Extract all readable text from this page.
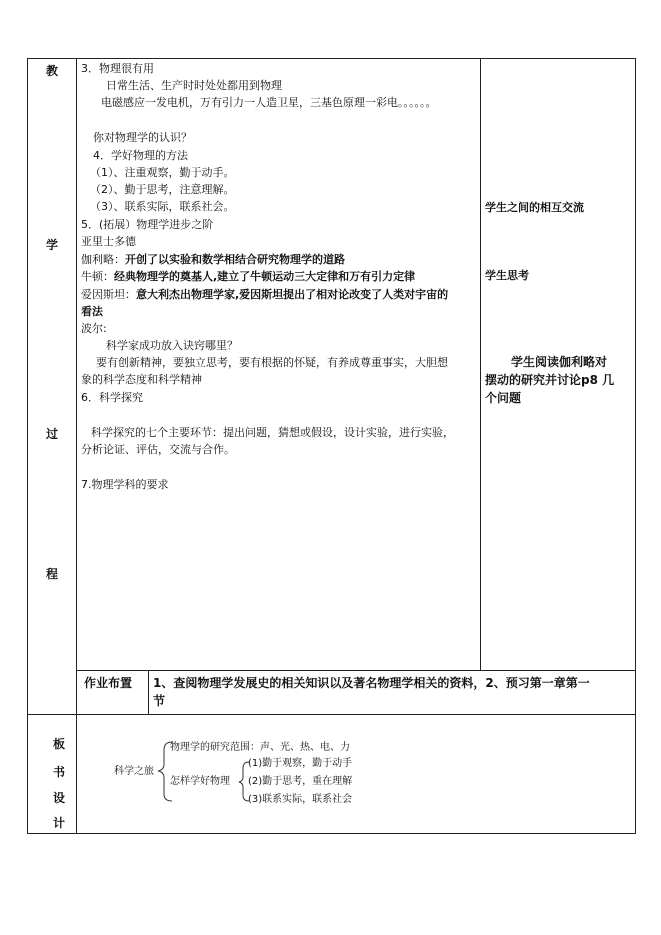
教
学
过
程
板
书
设
计
3．物理很有用
日常生活、生产时时处处都用到物理
电磁感应一发电机，万有引力一人造卫星，三基色原理一彩电。。。。。。
你对物理学的认识？
4．学好物理的方法
（1）、注重观察，勤于动手。
（2）、勤于思考，注意理解。
（3）、联系实际，联系社会。
5．(拓展）物理学进步之阶
亚里士多德
伽利略：开创了以实验和数学相结合研究物理学的道路
牛顿：经典物理学的奠基人,建立了牛顿运动三大定律和万有引力定律
爱因斯坦：意大利杰出物理学家,爱因斯坦提出了相对论改变了人类对宇宙的
看法
波尔:
科学家成功放入诀窍哪里？
要有创新精神，要独立思考，要有根据的怀疑，有养成尊重事实，大胆想
象的科学态度和科学精神
6．科学探究
科学探究的七个主要环节：提出问题，猜想或假设，设计实验，进行实验，
分析论证、评估，交流与合作。
7.物理学科的要求
学生之间的相互交流
学生思考
学生阅读伽利略对
摆动的研究并讨论p8 几
个问题
作业布置 1、查阅物理学发展史的相关知识以及著名物理学相关的资料，2、预习第一章第一
节
科学之旅
物理学的研究范围：声、光、热、电、力
怎样学好物理
(1)勤于观察，勤于动手
(2)勤于思考，重在理解
(3)联系实际，联系社会
